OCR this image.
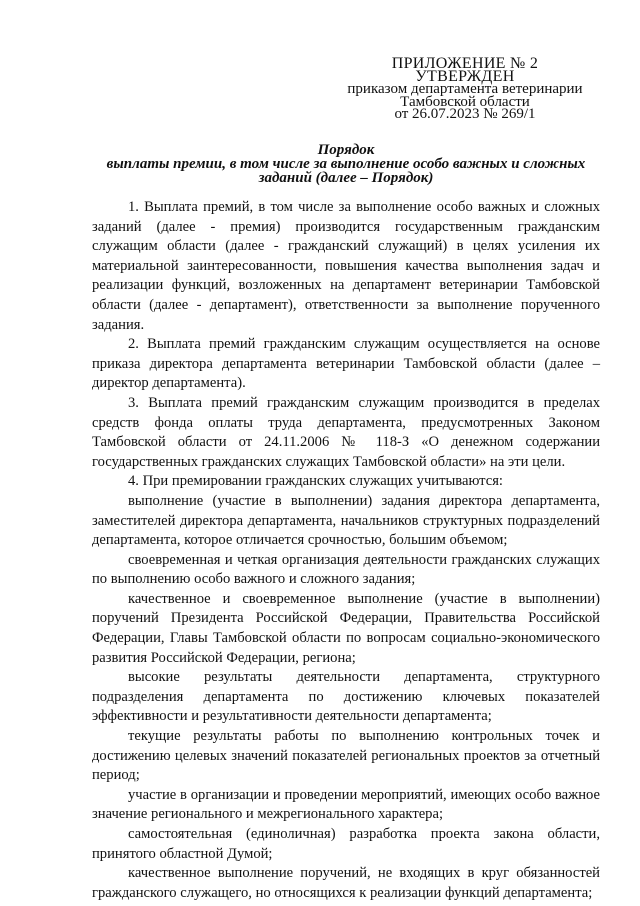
ПРИЛОЖЕНИЕ № 2
УТВЕРЖДЕН
приказом департамента ветеринарии
Тамбовской области
от 26.07.2023 № 269/1
Порядок
выплаты премии, в том числе за выполнение особо важных и сложных
заданий (далее – Порядок)

1. Выплата премий, в том числе за выполнение особо важных и сложных заданий (далее - премия) производится государственным гражданским служащим области (далее - гражданский служащий) в целях усиления их материальной заинтересованности, повышения качества выполнения задач и реализации функций, возложенных на департамент ветеринарии Тамбовской области (далее - департамент), ответственности за выполнение порученного задания.

2. Выплата премий гражданским служащим осуществляется на основе приказа директора департамента ветеринарии Тамбовской области (далее – директор департамента).

3. Выплата премий гражданским служащим производится в пределах средств фонда оплаты труда департамента, предусмотренных Законом Тамбовской области от 24.11.2006 № 118-З «О денежном содержании государственных гражданских служащих Тамбовской области» на эти цели.

4. При премировании гражданских служащих учитываются:

выполнение (участие в выполнении) задания директора департамента, заместителей директора департамента, начальников структурных подразделений департамента, которое отличается срочностью, большим объемом;

своевременная и четкая организация деятельности гражданских служащих по выполнению особо важного и сложного задания;

качественное и своевременное выполнение (участие в выполнении) поручений Президента Российской Федерации, Правительства Российской Федерации, Главы Тамбовской области по вопросам социально-экономического развития Российской Федерации, региона;

высокие результаты деятельности департамента, структурного подразделения департамента по достижению ключевых показателей эффективности и результативности деятельности департамента;

текущие результаты работы по выполнению контрольных точек и достижению целевых значений показателей региональных проектов за отчетный период;

участие в организации и проведении мероприятий, имеющих особо важное значение регионального и межрегионального характера;

самостоятельная (единоличная) разработка проекта закона области, принятого областной Думой;

качественное выполнение поручений, не входящих в круг обязанностей гражданского служащего, но относящихся к реализации функций департамента;
